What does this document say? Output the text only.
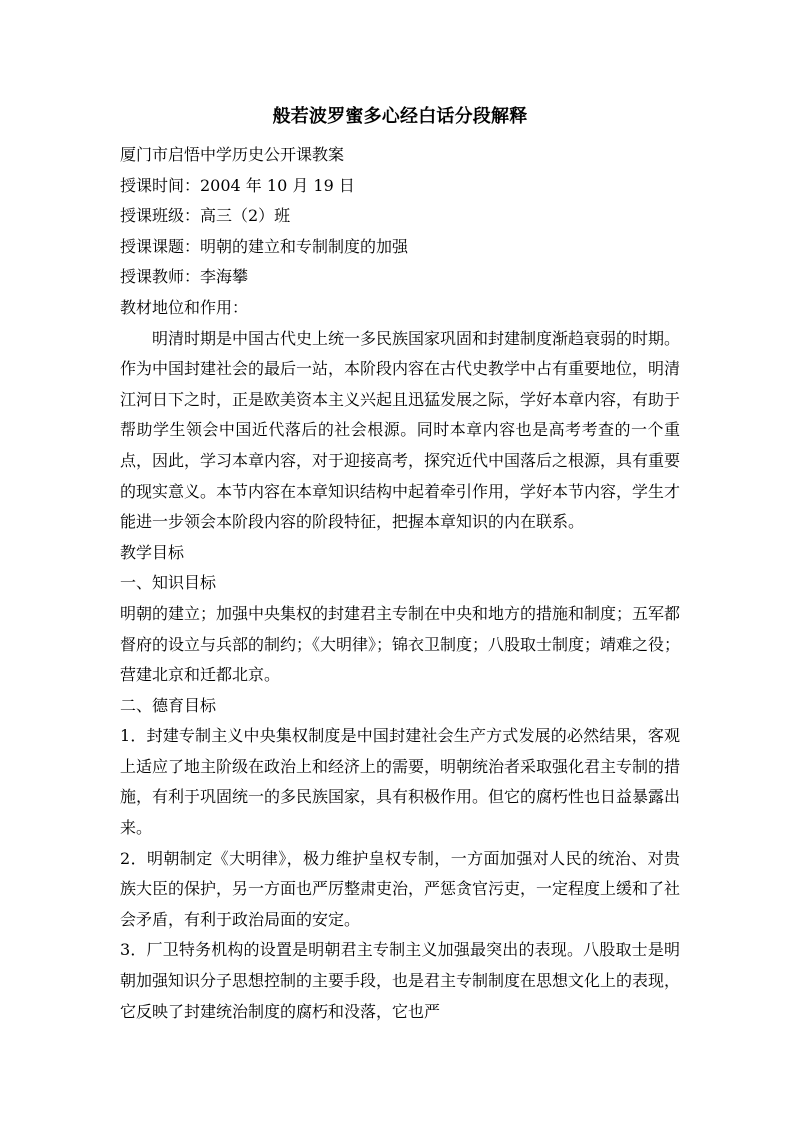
般若波罗蜜多心经白话分段解释

厦门市启悟中学历史公开课教案

授课时间：2004 年 10 月 19 日

授课班级：高三（2）班

授课课题：明朝的建立和专制制度的加强

授课教师：李海攀

教材地位和作用：

明清时期是中国古代史上统一多民族国家巩固和封建制度渐趋衰弱的时期。作为中国封建社会的最后一站，本阶段内容在古代史教学中占有重要地位，明清江河日下之时，正是欧美资本主义兴起且迅猛发展之际，学好本章内容，有助于帮助学生领会中国近代落后的社会根源。同时本章内容也是高考考查的一个重点，因此，学习本章内容，对于迎接高考，探究近代中国落后之根源，具有重要的现实意义。本节内容在本章知识结构中起着牵引作用，学好本节内容，学生才能进一步领会本阶段内容的阶段特征，把握本章知识的内在联系。

教学目标

一、知识目标

明朝的建立；加强中央集权的封建君主专制在中央和地方的措施和制度；五军都督府的设立与兵部的制约；《大明律》；锦衣卫制度；八股取士制度；靖难之役；营建北京和迁都北京。

二、德育目标

1．封建专制主义中央集权制度是中国封建社会生产方式发展的必然结果，客观上适应了地主阶级在政治上和经济上的需要，明朝统治者采取强化君主专制的措施，有利于巩固统一的多民族国家，具有积极作用。但它的腐朽性也日益暴露出来。

2．明朝制定《大明律》，极力维护皇权专制，一方面加强对人民的统治、对贵族大臣的保护，另一方面也严厉整肃吏治，严惩贪官污吏，一定程度上缓和了社会矛盾，有利于政治局面的安定。

3．厂卫特务机构的设置是明朝君主专制主义加强最突出的表现。八股取士是明朝加强知识分子思想控制的主要手段，也是君主专制制度在思想文化上的表现，它反映了封建统治制度的腐朽和没落，它也严
